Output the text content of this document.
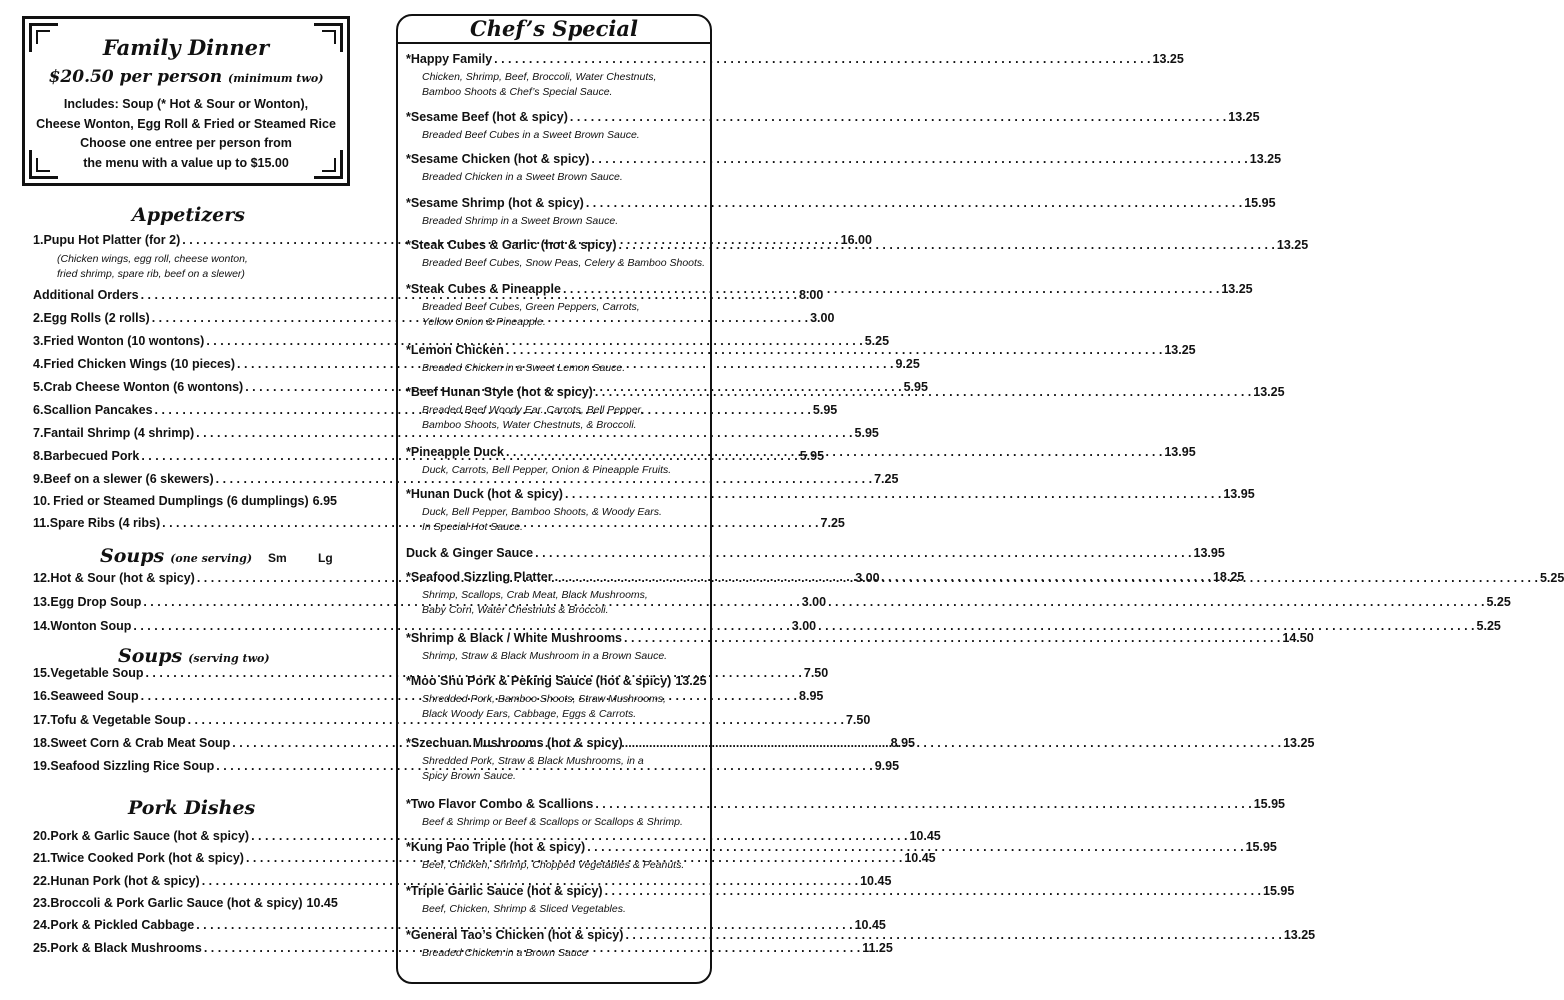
Family Dinner
$20.50 per person (minimum two)
Includes: Soup (* Hot & Sour or Wonton),
Cheese Wonton, Egg Roll & Fried or Steamed Rice
Choose one entree per person from
the menu with a value up to $15.00
Appetizers
1. Pupu Hot Platter (for 2) . . .	16.00
(Chicken wings, egg roll, cheese wonton,
fried shrimp, spare rib, beef on a slewer)
Additional Orders . . .	8.00
2. Egg Rolls (2 rolls) . . .	3.00
3. Fried Wonton (10 wontons) . . .	5.25
4. Fried Chicken Wings (10 pieces) . . .	9.25
5. Crab Cheese Wonton (6 wontons) . . .	5.95
6. Scallion Pancakes . . .	5.95
7. Fantail Shrimp (4 shrimp) . . .	5.95
8. Barbecued Pork . . .	5.95
9. Beef on a slewer (6 skewers) . . .	7.25
10. Fried or Steamed Dumplings (6 dumplings) 6.95
11. Spare Ribs (4 ribs) . . .	7.25
Soups (one serving) Sm	Lg
12. Hot & Sour (hot & spicy) . . .	3.00 . . .	5.25
13. Egg Drop Soup . . .	3.00 . . .	5.25
14. Wonton Soup . . .	3.00 . . .	5.25
Soups (serving two)
15. Vegetable Soup . . .	7.50
16. Seaweed Soup . . .	8.95
17. Tofu & Vegetable Soup . . .	7.50
18. Sweet Corn & Crab Meat Soup . . .	8.95
19. Seafood Sizzling Rice Soup . . .	9.95
Pork Dishes
20. Pork & Garlic Sauce (hot & spicy) . . .	10.45
21. Twice Cooked Pork (hot & spicy) . . .	10.45
22. Hunan Pork (hot & spicy) . . .	10.45
23. Broccoli & Pork Garlic Sauce (hot & spicy) 10.45
24. Pork & Pickled Cabbage . . .	10.45
25. Pork & Black Mushrooms . . .	11.25
Chef’s Special
* Happy Family . . .	13.25
Chicken, Shrimp, Beef, Broccoli, Water Chestnuts,
Bamboo Shoots & Chef’s Special Sauce.
* Sesame Beef (hot & spicy) . . .	13.25
Breaded Beef Cubes in a Sweet Brown Sauce.
* Sesame Chicken (hot & spicy) . . .	13.25
Breaded Chicken in a Sweet Brown Sauce.
* Sesame Shrimp (hot & spicy) . . .	15.95
Breaded Shrimp in a Sweet Brown Sauce.
* Steak Cubes & Garlic (hot & spicy) . . .	13.25
Breaded Beef Cubes, Snow Peas, Celery & Bamboo Shoots.
* Steak Cubes & Pineapple . . .	13.25
Breaded Beef Cubes, Green Peppers, Carrots,
Yellow Onion & Pineapple.
* Lemon Chicken . . .	13.25
Breaded Chicken in a Sweet Lemon Sauce.
* Beef Hunan Style (hot & spicy) . . .	13.25
Breaded Beef Woody Ear. Carrots, Bell Pepper,
Bamboo Shoots, Water Chestnuts, & Broccoli.
* Pineapple Duck . . .	13.95
Duck, Carrots, Bell Pepper, Onion & Pineapple Fruits.
* Hunan Duck (hot & spicy) . . .	13.95
Duck, Bell Pepper, Bamboo Shoots, & Woody Ears.
In Special Hot Sauce.
Duck & Ginger Sauce . . .	13.95
* Seafood Sizzling Platter . . .	18.25
Shrimp, Scallops, Crab Meat, Black Mushrooms,
Baby Corn, Water Chestnuts & Broccoli.
* Shrimp & Black / White Mushrooms . . .	14.50
Shrimp, Straw & Black Mushroom in a Brown Sauce.
* Moo Shu Pork & Peking Sauce (hot & spicy) 13.25
Shredded Pork, Bamboo Shoots, Straw Mushrooms,
Black Woody Ears, Cabbage, Eggs & Carrots.
* Szechuan Mushrooms (hot & spicy) . . .	13.25
Shredded Pork, Straw & Black Mushrooms, in a
Spicy Brown Sauce.
* Two Flavor Combo & Scallions . . .	15.95
Beef & Shrimp or Beef & Scallops or Scallops & Shrimp.
* Kung Pao Triple (hot & spicy) . . .	15.95
Beef, Chicken, Shrimp, Chopped Vegetables & Peanuts.
* Triple Garlic Sauce (hot & spicy) . . .	15.95
Beef, Chicken, Shrimp & Sliced Vegetables.
* General Tao’s Chicken (hot & spicy) . . .	13.25
Breaded Chicken in a Brown Sauce
